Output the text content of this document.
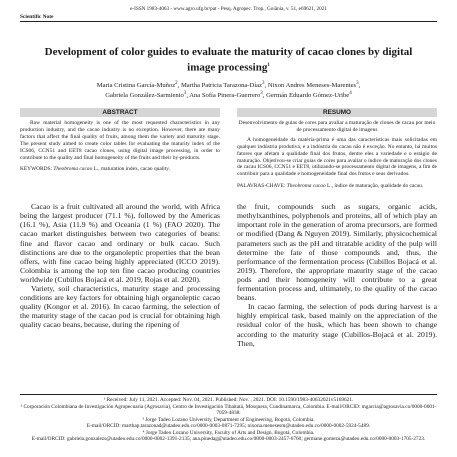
e-ISSN 1983-4063 - www.agro.ufg.br/pat - Pesq. Agropec. Trop., Goiânia, v. 51, e69621, 2021
Scientific Note
Development of color guides to evaluate the maturity of cacao clones by digital image processing$^1$
Maria Cristina García-Muñoz$^2$, Martha Patricia Tarazona-Díaz$^3$, Nixon Andres Meneses-Marentes$^3$,
Gabriela González-Sarmiento$^3$, Ana Sofía Pinera-Guerrero$^3$, Germán Eduardo Gómez-Uribe$^4$
ABSTRACT
Raw material homogeneity is one of the most requested characteristics in any production industry, and the cacao industry is no exception. However, there are many factors that affect the final quality of fruits, among them the variety and maturity stage. The present study aimed to create color tables for evaluating the maturity index of the ICS06, CCN51 and EET8 cacao clones, using digital image processing, in order to contribute to the quality and final homogeneity of the fruits and their by-products.
KEYWORDS: Theobroma cacao L., maturation index, cacao quality.
RESUMO
Desenvolvimento de guias de cores para avaliar a maturação de clones de cacau por meio de processamento digital de imagens
A homogeneidade da matéria-prima é uma das características mais solicitadas em qualquer indústria produtiva, e a indústria do cacau não é exceção. No entanto, há muitos fatores que afetam a qualidade final dos frutos, dentre eles a variedade e o estágio de maturação. Objetivou-se criar guias de cores para avaliar o índice de maturação dos clones de cacau ICS06, CCN51 e EET8, utilizando-se processamento digital de imagens, a fim de contribuir para a qualidade e homogeneidade final dos frutos e seus derivados.
PALAVRAS-CHAVE: Theobroma cacao L., índice de maturação, qualidade do cacau.

Cacao is a fruit cultivated all around the world, with Africa being the largest producer (71.1 %), followed by the Americas (16.1 %), Asia (11.9 %) and Oceania (1 %) (FAO 2020). The cacao market distinguishes between two categories of beans: fine and flavor cacao and ordinary or bulk cacao. Such distinctions are due to the organoleptic properties that the bean offers, with fine cacao being highly appreciated (ICCO 2019). Colombia is among the top ten fine cacao producing countries worldwide (Cubillos Bojacá et al. 2019, Rojas et al. 2020).

Variety, soil characteristics, maturity stage and processing conditions are key factors for obtaining high organoleptic cacao quality (Kongor et al. 2016). In cacao farming, the selection of the maturity stage of the cacao pod is crucial for obtaining high quality cacao beans, because, during the ripening of

the fruit, compounds such as sugars, organic acids, methylxanthines, polyphenols and proteins, all of which play an important role in the generation of aroma precursors, are formed or modified (Dang & Nguyen 2019). Similarly, physicochemical parameters such as the pH and titratable acidity of the pulp will determine the fate of those compounds and, thus, the performance of the fermentation process (Cubillos Bojacá et al. 2019). Therefore, the appropriate maturity stage of the cacao pods and their homogeneity will contribute to a great fermentation process and, ultimately, to the quality of the cacao beans.

In cacao farming, the selection of pods during harvest is a highly empirical task, based mainly on the appreciation of the residual color of the husk, which has been shown to change according to the maturity stage (Cubillos-Bojacá et al. 2019). Then,

¹ Received: July 11, 2021. Accepted: Nov. 04, 2021. Published: Nov. , 2021. DOI: 10.1590/1983-40632021v5169621.
² Corporación Colombiana de Investigación Agropecuaria (Agrosavia), Centro de Investigación Tibaitatá, Mosquera, Cundinamarca, Colombia. E-mail/ORCID: mgarcia@agrosavia.co/0000-0001-7059-4838.
³ Jorge Tadeo Lozano University, Department of Engineering, Bogotá, Colombia.
E-mail/ORCID: marthap.tarazonad@utadeo.edu.co/0000-0003-0871-7295; nixona.menesesm@utadeo.edu.co/0000-0002-5924-5489.
⁴ Jorge Tadeo Lozano University, Faculty of Arts and Design, Bogotá, Colombia.
E-mail/ORCID: gabriela.gonzalezs@utadeo.edu.co/0000-0002-1391-2135; ana.pinedag@utadeo.edu.co/0000-0003-2457-6760; germane.gomezu@utadeo.edu.co/0000-0003-1705-2723.
